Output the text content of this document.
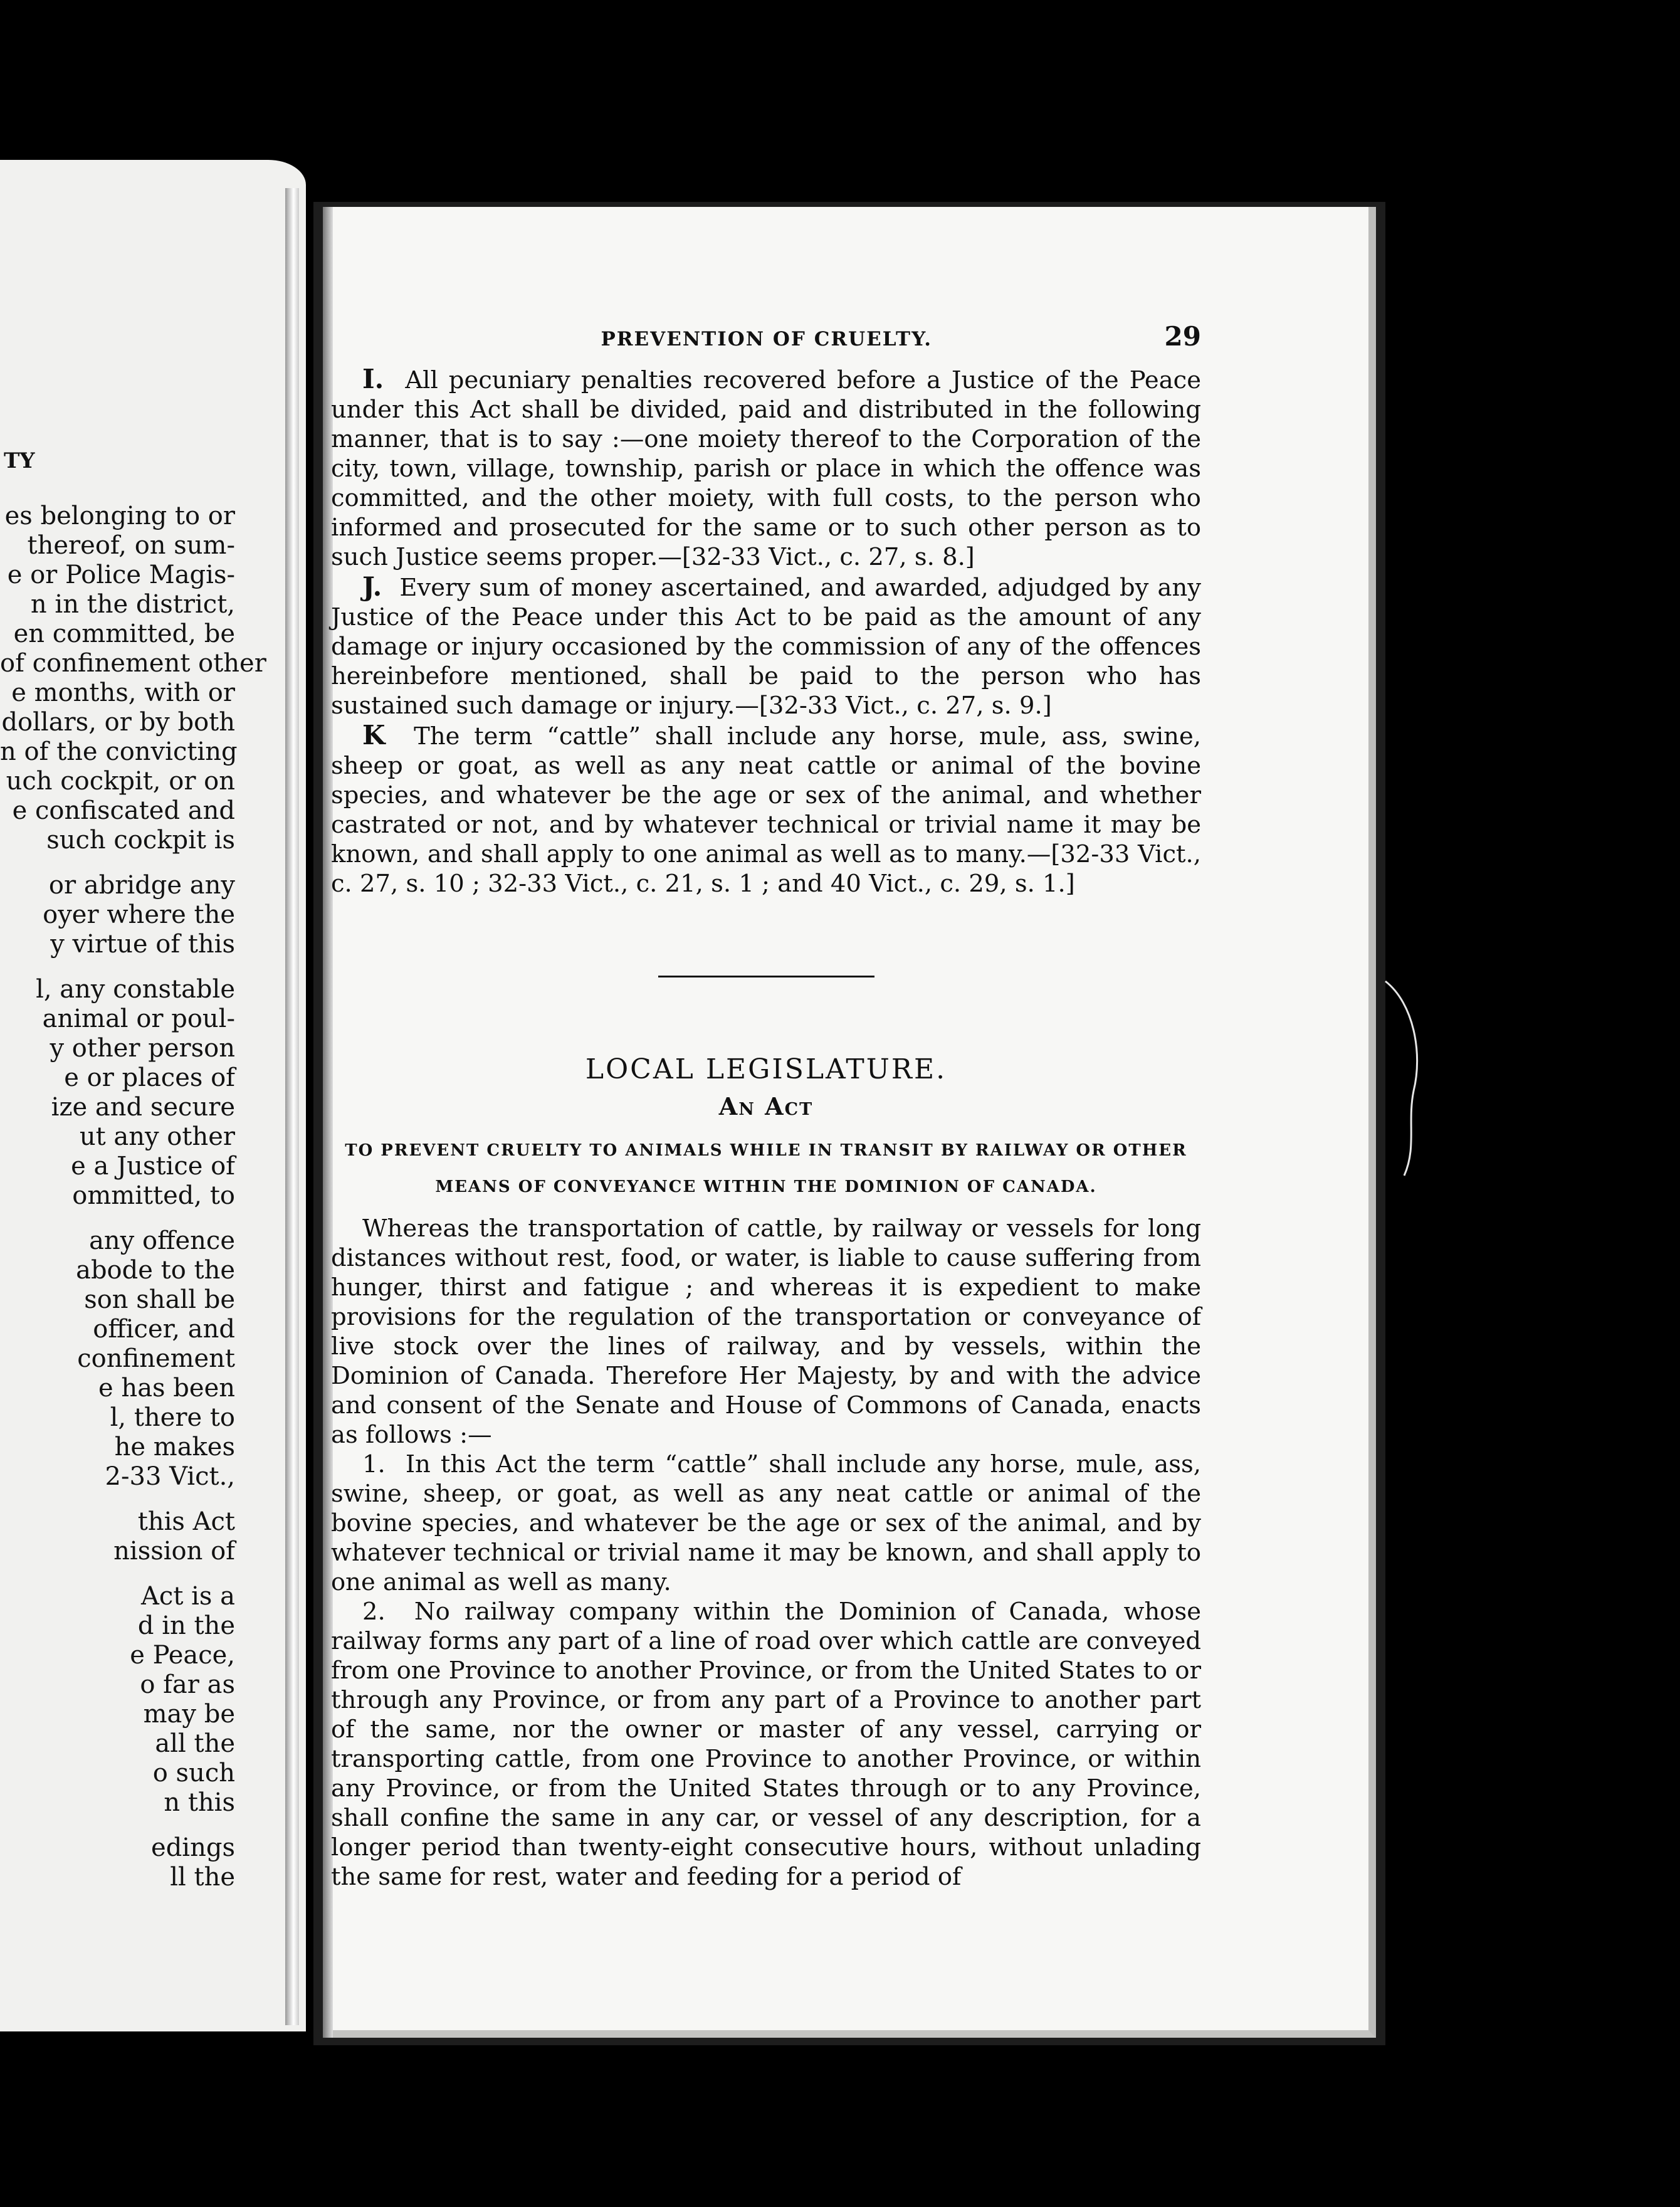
TY

es belonging to or
thereof, on sum-
e or Police Magis-
n in the district,
en committed, be
of confinement other
e months, with or
dollars, or by both
n of the convicting
uch cockpit, or on
e confiscated and
such cockpit is
or abridge any
oyer where the
y virtue of this
l, any constable
animal or poul-
y other person
e or places of
ize and secure
ut any other
e a Justice of
ommitted, to
any offence
abode to the
son shall be
officer, and
confinement
e has been
l, there to
he makes
2-33 Vict.,
this Act
nission of
Act is a
d in the
e Peace,
o far as
may be
all the
o such
n this
edings
ll the
PREVENTION OF CRUELTY.	29

I. All pecuniary penalties recovered before a Justice of the Peace under this Act shall be divided, paid and distributed in the following manner, that is to say :—one moiety thereof to the Corporation of the city, town, village, township, parish or place in which the offence was committed, and the other moiety, with full costs, to the person who informed and prosecuted for the same or to such other person as to such Justice seems proper.—[32-33 Vict., c. 27, s. 8.]

J. Every sum of money ascertained, and awarded, adjudged by any Justice of the Peace under this Act to be paid as the amount of any damage or injury occasioned by the commission of any of the offences hereinbefore mentioned, shall be paid to the person who has sustained such damage or injury.—[32-33 Vict., c. 27, s. 9.]

K The term “cattle” shall include any horse, mule, ass, swine, sheep or goat, as well as any neat cattle or animal of the bovine species, and whatever be the age or sex of the animal, and whether castrated or not, and by whatever technical or trivial name it may be known, and shall apply to one animal as well as to many.—[32-33 Vict., c. 27, s. 10 ; 32-33 Vict., c. 21, s. 1 ; and 40 Vict., c. 29, s. 1.]

LOCAL LEGISLATURE.
An Act
TO PREVENT CRUELTY TO ANIMALS WHILE IN TRANSIT BY RAILWAY OR OTHER MEANS OF CONVEYANCE WITHIN THE DOMINION OF CANADA.

Whereas the transportation of cattle, by railway or vessels for long distances without rest, food, or water, is liable to cause suffering from hunger, thirst and fatigue ; and whereas it is expedient to make provisions for the regulation of the transportation or conveyance of live stock over the lines of railway, and by vessels, within the Dominion of Canada. Therefore Her Majesty, by and with the advice and consent of the Senate and House of Commons of Canada, enacts as follows :—

1. In this Act the term “cattle” shall include any horse, mule, ass, swine, sheep, or goat, as well as any neat cattle or animal of the bovine species, and whatever be the age or sex of the animal, and by whatever technical or trivial name it may be known, and shall apply to one animal as well as many.

2. No railway company within the Dominion of Canada, whose railway forms any part of a line of road over which cattle are conveyed from one Province to another Province, or from the United States to or through any Province, or from any part of a Province to another part of the same, nor the owner or master of any vessel, carrying or transporting cattle, from one Province to another Province, or within any Province, or from the United States through or to any Province, shall confine the same in any car, or vessel of any description, for a longer period than twenty-eight consecutive hours, without unlading the same for rest, water and feeding for a period of
